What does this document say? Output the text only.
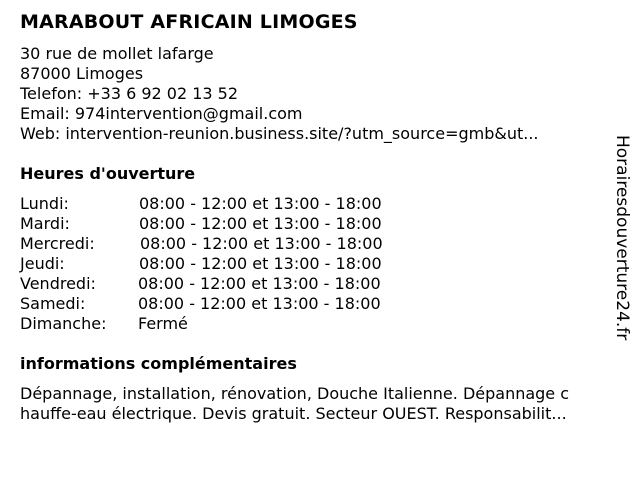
MARABOUT AFRICAIN LIMOGES
30 rue de mollet lafarge
87000 Limoges
Telefon: +33 6 92 02 13 52
Email: 974intervention@gmail.com
Web: intervention-reunion.business.site/?utm_source=gmb&ut...
Heures d'ouverture
Lundi:	08:00 - 12:00 et 13:00 - 18:00
Mardi:	08:00 - 12:00 et 13:00 - 18:00
Mercredi:	08:00 - 12:00 et 13:00 - 18:00
Jeudi:	08:00 - 12:00 et 13:00 - 18:00
Vendredi:	08:00 - 12:00 et 13:00 - 18:00
Samedi:	08:00 - 12:00 et 13:00 - 18:00
Dimanche: Fermé
informations complémentaires
Dépannage, installation, rénovation, Douche Italienne. Dépannage c
hauffe-eau électrique. Devis gratuit. Secteur OUEST. Responsabilit...
Horairesdouverture24.fr
